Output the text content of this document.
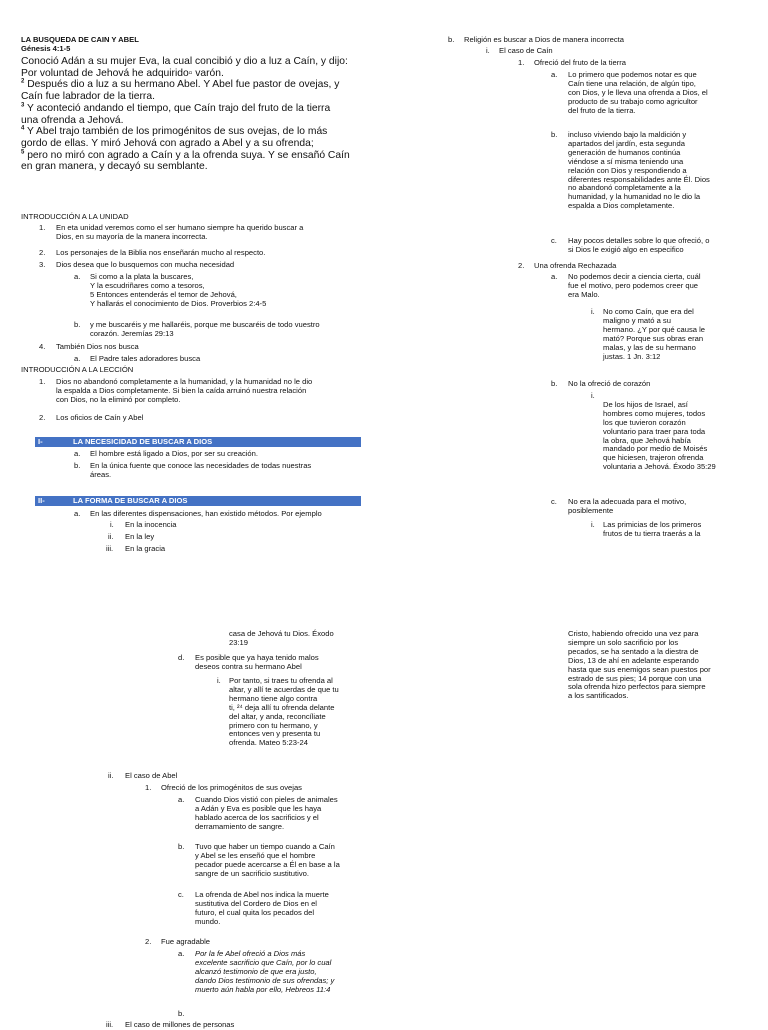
LA BUSQUEDA DE CAIN Y ABEL
Génesis 4:1-5
Conoció Adán a su mujer Eva, la cual concibió y dio a luz a Caín, y dijo:
Por voluntad de Jehová he adquirido▫ varón.
$^2$ Después dio a luz a su hermano Abel. Y Abel fue pastor de ovejas, y
Caín fue labrador de la tierra.
$^3$ Y aconteció andando el tiempo, que Caín trajo del fruto de la tierra
una ofrenda a Jehová.
$^4$ Y Abel trajo también de los primogénitos de sus ovejas, de lo más
gordo de ellas. Y miró Jehová con agrado a Abel y a su ofrenda;
$^5$ pero no miró con agrado a Caín y a la ofrenda suya. Y se ensañó Caín
en gran manera, y decayó su semblante.
INTRODUCCIÓN A LA UNIDAD
1. En eta unidad veremos como el ser humano siempre ha querido buscar a
Dios, en su mayoría de la manera incorrecta.
2. Los personajes de la Biblia nos enseñarán mucho al respecto.
3. Dios desea que lo busquemos con mucha necesidad
a. Si como a la plata la buscares,
Y la escudriñares como a tesoros,
5 Entonces entenderás el temor de Jehová,
Y hallarás el conocimiento de Dios. Proverbios 2:4-5
b. y me buscaréis y me hallaréis, porque me buscaréis de todo vuestro
corazón. Jeremías 29:13
4. También Dios nos busca
a. El Padre tales adoradores busca
INTRODUCCIÓN A LA LECCIÓN
1. Dios no abandonó completamente a la humanidad, y la humanidad no le dio
la espalda a Dios completamente. Si bien la caída arruinó nuestra relación
con Dios, no la eliminó por completo.
2. Los oficios de Caín y Abel
I-	LA NECESICIDAD DE BUSCAR A DIOS
a. El hombre está ligado a Dios, por ser su creación.
b. En la única fuente que conoce las necesidades de todas nuestras
áreas.
II-	LA FORMA DE BUSCAR A DIOS
a. En las diferentes dispensaciones, han existido métodos. Por ejemplo
i. En la inocencia
ii. En la ley
iii. En la gracia
b. Religión es buscar a Dios de manera incorrecta
i. El caso de Caín
1. Ofreció del fruto de la tierra
a. Lo primero que podemos notar es que
Caín tiene una relación, de algún tipo,
con Dios, y le lleva una ofrenda a Dios, el
producto de su trabajo como agricultor
del fruto de la tierra.
b. incluso viviendo bajo la maldición y
apartados del jardín, esta segunda
generación de humanos continúa
viéndose a sí misma teniendo una
relación con Dios y respondiendo a
diferentes responsabilidades ante Él. Dios
no abandonó completamente a la
humanidad, y la humanidad no le dio la
espalda a Dios completamente.
c. Hay pocos detalles sobre lo que ofreció, o
si Dios le exigió algo en especifico
2. Una ofrenda Rechazada
a. No podemos decir a ciencia cierta, cuál
fue el motivo, pero podemos creer que
era Malo.
i. No como Caín, que era del
maligno y mató a su
hermano. ¿Y por qué causa le
mató? Porque sus obras eran
malas, y las de su hermano
justas. 1 Jn. 3:12
b. No la ofreció de corazón
i.
De los hijos de Israel, así
hombres como mujeres, todos
los que tuvieron corazón
voluntario para traer para toda
la obra, que Jehová había
mandado por medio de Moisés
que hiciesen, trajeron ofrenda
voluntaria a Jehová. Éxodo 35:29
c. No era la adecuada para el motivo,
posiblemente
i. Las primicias de los primeros
frutos de tu tierra traerás a la
casa de Jehová tu Dios. Éxodo
23:19
d. Es posible que ya haya tenido malos
deseos contra su hermano Abel
i. Por tanto, si traes tu ofrenda al
altar, y allí te acuerdas de que tu
hermano tiene algo contra
ti, ²⁴ deja allí tu ofrenda delante
del altar, y anda, reconcíliate
primero con tu hermano, y
entonces ven y presenta tu
ofrenda. Mateo 5:23-24
ii. El caso de Abel
1. Ofreció de los primogénitos de sus ovejas
a. Cuando Dios vistió con pieles de animales
a Adán y Eva es posible que les haya
hablado acerca de los sacrificios y el
derramamiento de sangre.
b. Tuvo que haber un tiempo cuando a Caín
y Abel se les enseñó que el hombre
pecador puede acercarse a Él en base a la
sangre de un sacrificio sustitutivo.
c. La ofrenda de Abel nos indica la muerte
sustitutiva del Cordero de Dios en el
futuro, el cual quita los pecados del
mundo.
2. Fue agradable
a. Por la fe Abel ofreció a Dios más
excelente sacrificio que Caín, por lo cual
alcanzó testimonio de que era justo,
dando Dios testimonio de sus ofrendas; y
muerto aún habla por ello, Hebreos 11:4
b.
iii. El caso de millones de personas
Cristo, habiendo ofrecido una vez para
siempre un solo sacrificio por los
pecados, se ha sentado a la diestra de
Dios, 13 de ahí en adelante esperando
hasta que sus enemigos sean puestos por
estrado de sus pies; 14 porque con una
sola ofrenda hizo perfectos para siempre
a los santificados.
